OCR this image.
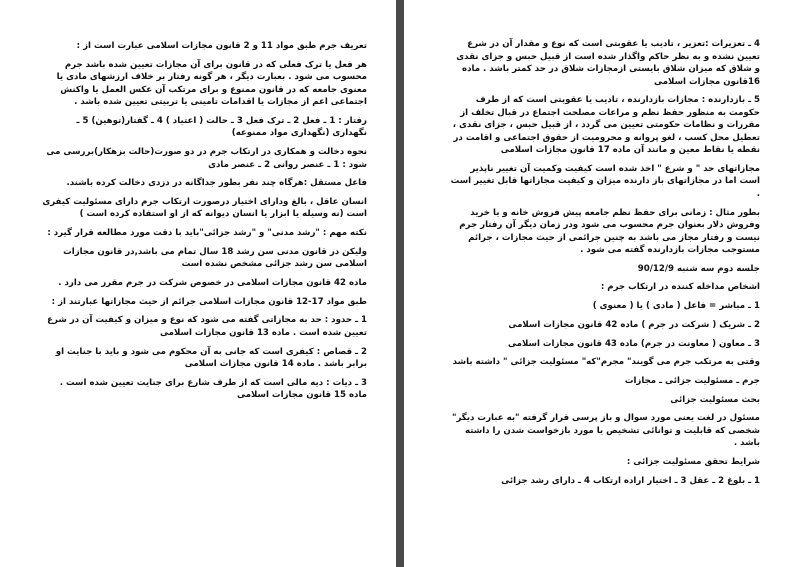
تعریف جرم طبق مواد 11 و 2 قانون مجازات اسلامی عبارت است از :

هر فعل یا ترک فعلی که در قانون برای آن مجازات تعیین شده باشد جرم محسوب می شود . بعبارت دیگر ، هر گونه رفتار بر خلاف ارزشهای مادی یا معنوی جامعه که در قانون ممنوع و برای مرتکب آن عکس العمل یا واکنش اجتماعی اعم از مجازات یا اقدامات تامینی یا تربیتی تعیین شده باشد .

رفتار : 1 ـ فعل 2 ـ ترک فعل 3 ـ حالت ( اعتیاد ) 4 ـ گفتار(توهین) 5 ـ نگهداری (نگهداری مواد ممنوعه)

نحوه دخالت و همکاری در ارتکاب جرم در دو صورت(حالت بزهکار)بررسی می شود : 1 ـ عنصر روانی 2 ـ عنصر مادی

فاعل مستقل :هرگاه چند نفر بطور جداگانه در دزدی دخالت کرده باشند.

انسان عاقل ، بالغ ودارای اختیار درصورت ارتکاب جرم دارای مسئولیت کیفری است (نه وسیله یا ابزار یا انسان دیوانه که از او استفاده کرده است )

نکته مهم : "رشد مدنی" و "رشد جزائی"باید با دقت مورد مطالعه قرار گیرد :

ولیکن در قانون مدنی سن رشد 18 سال تمام می باشد,در قانون مجازات اسلامی سن رشد جزائی مشخص نشده است

ماده 42 قانون مجازات اسلامی در خصوص شرکت در جرم مقرر می دارد .

طبق مواد 17-12 قانون مجازات اسلامی جرائم از حیث مجازاتها عبارتند از :

1 ـ حدود : حد به مجازاتی گفته می شود که نوع و میزان و کیفیت آن در شرع تعیین شده است . ماده 13 قانون مجازات اسلامی

2 ـ قصاص : کیفری است که جانی به آن محکوم می شود و باید با جنایت او برابر باشد . ماده 14 قانون مجازات اسلامی

3 ـ دیات : دیه مالی است که از طرف شارع برای جنایت تعیین شده است . ماده 15 قانون مجازات اسلامی

4 ـ تعزیرات :تعزیر ، تادیب یا عقوبتی است که نوع و مقدار آن در شرع تعیین نشده و به نظر حاکم واگذار شده است از قبیل حبس و جزای نقدی و شلاق که میزان شلاق بایستی ازمجازات شلاق در حد کمتر باشد . ماده 16قانون مجازات اسلامی

5 ـ بازدارنده : مجازات بازدارنده ، تادیب یا عقوبتی است که از طرف حکومت به منظور حفظ نظم و مراعات مصلحت اجتماع در قبال تخلف از مقررات و نظامات حکومتی تعیین می گردد ، از قبیل حبس ، جزای نقدی ، تعطیل محل کسب ، لغو پروانه و محرومیت از حقوق اجتماعی و اقامت در نقطه یا نقاط معین و مانند آن ماده 17 قانون مجازات اسلامی

مجازاتهای حد " و شرع " اخذ شده است کیفیت وکمیت آن تغییر ناپذیر است اما در مجازاتهای باز دارنده میزان و کیفیت مجازاتها قابل تغییر است .

بطور مثال : زمانی برای حفظ نظم جامعه پیش فروش خانه و یا خرید وفروش دلار بعنوان جرم محسوب می شود ودر زمان دیگر آن رفتار جرم نیست و رفتار مجاز می باشد به چنین جرائمی از حیث مجازات ، جرائم مستوجب مجازات بازدارنده گفته می شود .

جلسه دوم سه شنبه 90/12/9

اشخاص مداخله کننده در ارتکاب جرم :

1 ـ مباشر = فاعل ( مادی ) یا ( معنوی )

2 ـ شریک ( شرکت در جرم ) ماده 42 قانون مجازات اسلامی

3 ـ معاون ( معاونت در جرم) ماده 43 قانون مجازات اسلامی

وقتی به مرتکب جرم می گویند" مجرم"که" مسئولیت جزائی " داشته باشد

جرم ـ مسئولیت جزائی ـ مجازات

بحث مسئولیت جزائی

مسئول در لغت یعنی مورد سوال و باز پرسی قرار گرفته "به عبارت دیگر" شخصی که قابلیت و توانائی تشخیص یا مورد بازخواست شدن را داشته باشد .

شرایط تحقق مسئولیت جزائی :

1 ـ بلوغ 2 ـ عقل 3 ـ اختیار اراده ارتکاب 4 ـ دارای رشد جزائی
